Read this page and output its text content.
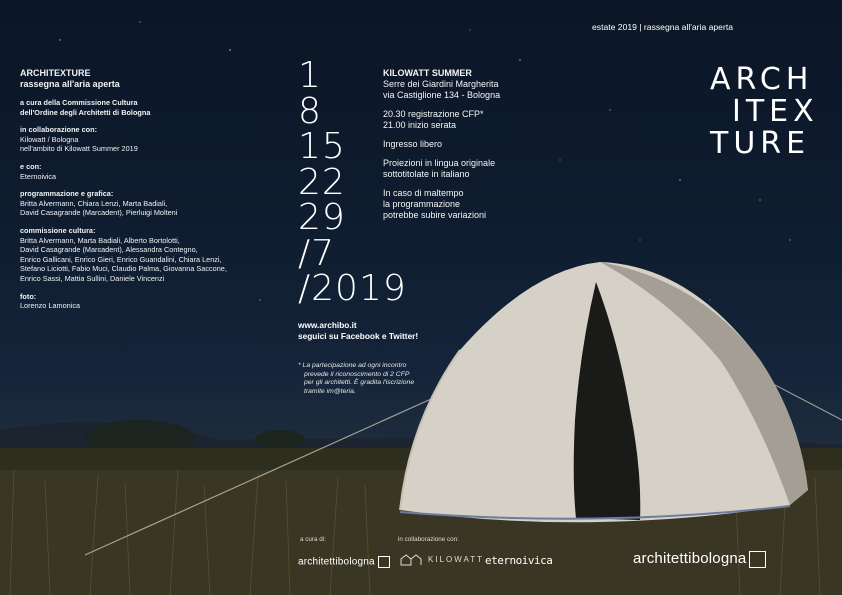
estate 2019 | rassegna all'aria aperta
ARCH
ITEX
TURE
ARCHITEXTURE
rassegna all'aria aperta
a cura della Commissione Cultura
dell'Ordine degli Architetti di Bologna
in collaborazione con:
Kilowatt / Bologna
nell'ambito di Kilowatt Summer 2019
e con:
Eternoivica
programmazione e grafica:
Britta Alvermann, Chiara Lenzi, Marta Badiali,
David Casagrande (Marcadent), Pierluigi Molteni
commissione cultura:
Britta Alvermann, Marta Badiali, Alberto Bortolotti,
David Casagrande (Marcadent), Alessandra Contegno,
Enrico Gallicani, Enrico Gieri, Enrico Guandalini, Chiara Lenzi,
Stefano Liciotti, Fabio Muci, Claudio Palma, Giovanna Saccone,
Enrico Sassi, Mattia Sullini, Daniele Vincenzi
foto:
Lorenzo Lamonica
1
8
15
22
29
/7
/2019
KILOWATT SUMMER
Serre dei Giardini Margherita
via Castiglione 134 - Bologna
20.30 registrazione CFP*
21.00 inizio serata
Ingresso libero
Proiezioni in lingua originale
sottotitolate in italiano
In caso di maltempo
la programmazione
potrebbe subire variazioni
www.archibo.it
seguici su Facebook e Twitter!
* La partecipazione ad ogni incontro
prevede il riconoscimento di 2 CFP
per gli architetti. È gradita l'iscrizione
tramite im@teria.
a cura di:	in collaborazione con:
architettibologna	KILOWATT eternoivica	architettibologna
